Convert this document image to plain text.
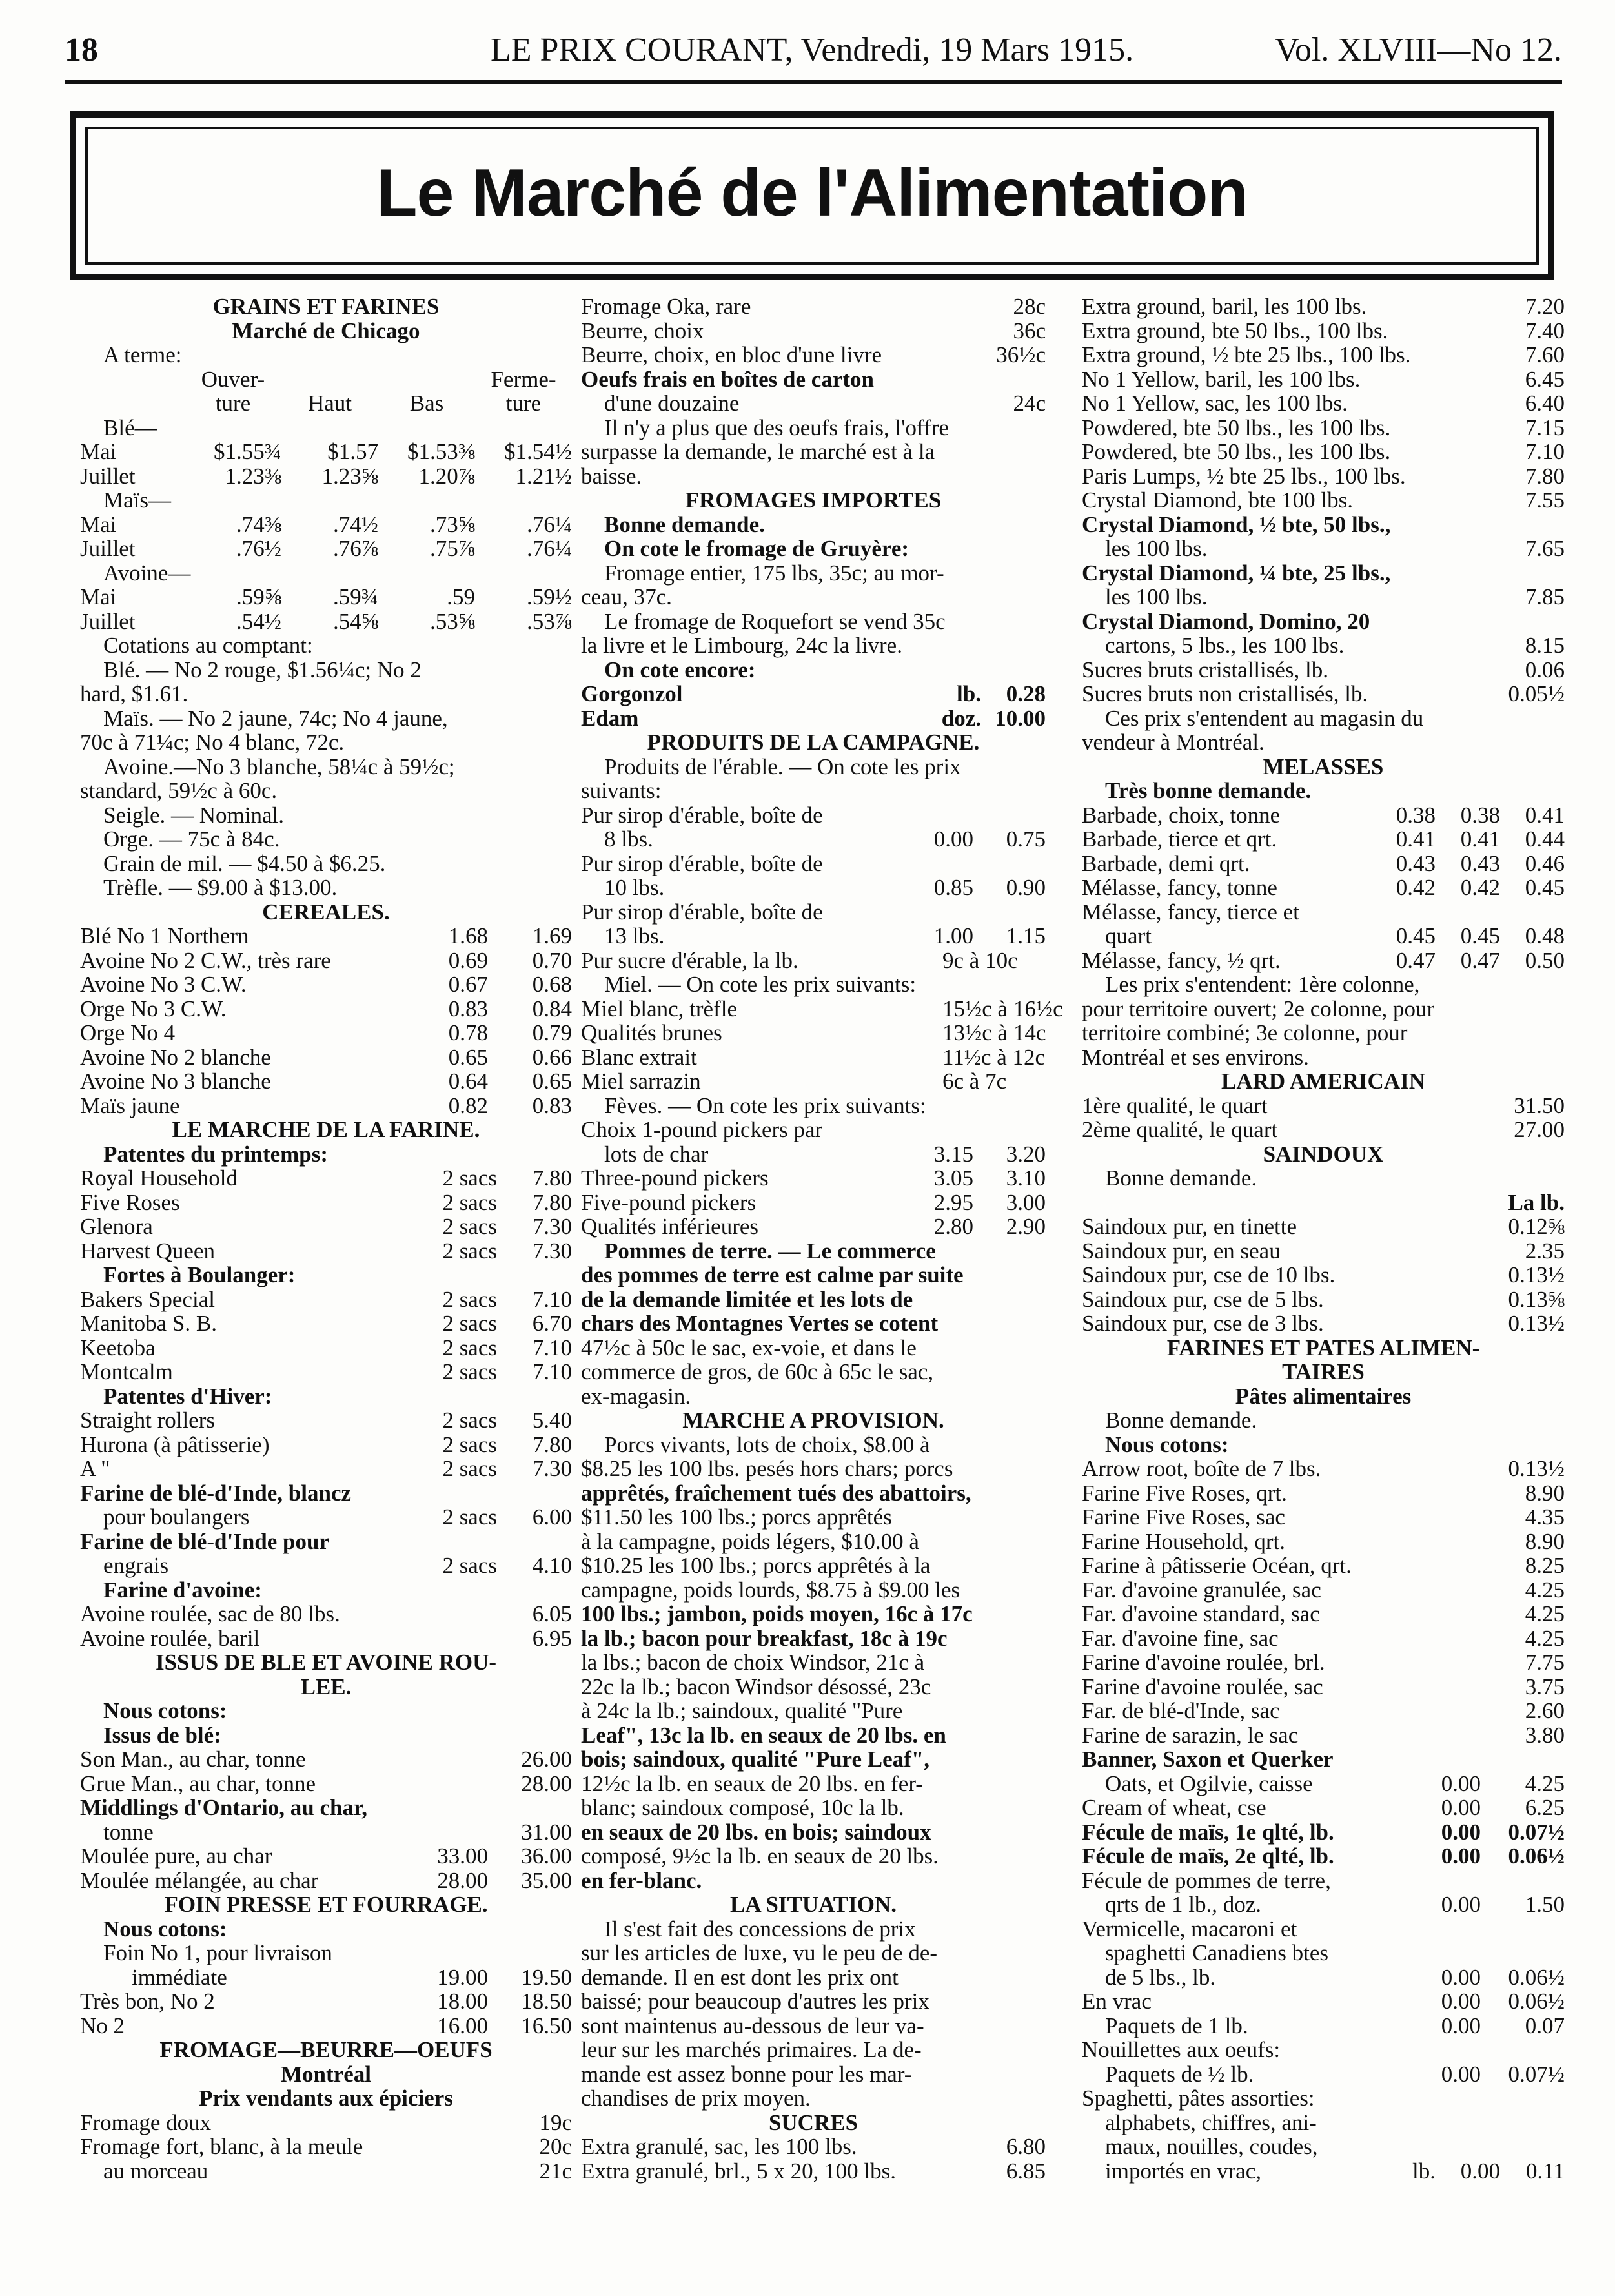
18	LE PRIX COURANT, Vendredi, 19 Mars 1915.	Vol. XLVIII—No 12.
Le Marché de l'Alimentation
GRAINS ET FARINES
Marché de Chicago
A terme:
Ouver-	Ferme-
ture	Haut	Bas	ture
Blé—
Mai	$1.55¾	$1.57	$1.53⅜	$1.54½
Juillet	1.23⅜	1.23⅝	1.20⅞	1.21½
Maïs—
Mai	.74⅜	.74½	.73⅝	.76¼
Juillet	.76½	.76⅞	.75⅞	.76¼
Avoine—
Mai	.59⅝	.59¾	.59	.59½
Juillet	.54½	.54⅝	.53⅝	.53⅞
Cotations au comptant:
Blé. — No 2 rouge, $1.56¼c; No 2
hard, $1.61.
Maïs. — No 2 jaune, 74c; No 4 jaune,
70c à 71¼c; No 4 blanc, 72c.
Avoine.—No 3 blanche, 58¼c à 59½c;
standard, 59½c à 60c.
Seigle. — Nominal.
Orge. — 75c à 84c.
Grain de mil. — $4.50 à $6.25.
Trèfle. — $9.00 à $13.00.
CEREALES.
Blé No 1 Northern	1.68	1.69
Avoine No 2 C.W., très rare	0.69	0.70
Avoine No 3 C.W.	0.67	0.68
Orge No 3 C.W.	0.83	0.84
Orge No 4	0.78	0.79
Avoine No 2 blanche	0.65	0.66
Avoine No 3 blanche	0.64	0.65
Maïs jaune	0.82	0.83
LE MARCHE DE LA FARINE.
Patentes du printemps:
Royal Household	2 sacs	7.80
Five Roses	2 sacs	7.80
Glenora	2 sacs	7.30
Harvest Queen	2 sacs	7.30
Fortes à Boulanger:
Bakers Special	2 sacs	7.10
Manitoba S. B.	2 sacs	6.70
Keetoba	2 sacs	7.10
Montcalm	2 sacs	7.10
Patentes d'Hiver:
Straight rollers	2 sacs	5.40
Hurona (à pâtisserie)	2 sacs	7.80
A "	2 sacs	7.30
Farine de blé-d'Inde, blancz
pour boulangers	2 sacs	6.00
Farine de blé-d'Inde pour
engrais	2 sacs	4.10
Farine d'avoine:
Avoine roulée, sac de 80 lbs.	6.05
Avoine roulée, baril	6.95
ISSUS DE BLE ET AVOINE ROU-
LEE.
Nous cotons:
Issus de blé:
Son Man., au char, tonne	26.00
Grue Man., au char, tonne	28.00
Middlings d'Ontario, au char,
tonne	31.00
Moulée pure, au char	33.00	36.00
Moulée mélangée, au char	28.00	35.00
FOIN PRESSE ET FOURRAGE.
Nous cotons:
Foin No 1, pour livraison
immédiate	19.00	19.50
Très bon, No 2	18.00	18.50
No 2	16.00	16.50
FROMAGE—BEURRE—OEUFS
Montréal
Prix vendants aux épiciers
Fromage doux	19c
Fromage fort, blanc, à la meule	20c
au morceau	21c
Fromage Oka, rare	28c
Beurre, choix	36c
Beurre, choix, en bloc d'une livre	36½c
Oeufs frais en boîtes de carton
d'une douzaine	24c
Il n'y a plus que des oeufs frais, l'offre
surpasse la demande, le marché est à la
baisse.
FROMAGES IMPORTES
Bonne demande.
On cote le fromage de Gruyère:
Fromage entier, 175 lbs, 35c; au mor-
ceau, 37c.
Le fromage de Roquefort se vend 35c
la livre et le Limbourg, 24c la livre.
On cote encore:
Gorgonzol	lb.	0.28
Edam	doz. 10.00
PRODUITS DE LA CAMPAGNE.
Produits de l'érable. — On cote les prix
suivants:
Pur sirop d'érable, boîte de
8 lbs.	0.00	0.75
Pur sirop d'érable, boîte de
10 lbs.	0.85	0.90
Pur sirop d'érable, boîte de
13 lbs.	1.00	1.15
Pur sucre d'érable, la lb.	9c à 10c
Miel. — On cote les prix suivants:
Miel blanc, trèfle	15½c à 16½c
Qualités brunes	13½c à 14c
Blanc extrait	11½c à 12c
Miel sarrazin	6c à 7c
Fèves. — On cote les prix suivants:
Choix 1-pound pickers par
lots de char	3.15	3.20
Three-pound pickers	3.05	3.10
Five-pound pickers	2.95	3.00
Qualités inférieures	2.80	2.90
Pommes de terre. — Le commerce
des pommes de terre est calme par suite
de la demande limitée et les lots de
chars des Montagnes Vertes se cotent
47½c à 50c le sac, ex-voie, et dans le
commerce de gros, de 60c à 65c le sac,
ex-magasin.
MARCHE A PROVISION.
Porcs vivants, lots de choix, $8.00 à
$8.25 les 100 lbs. pesés hors chars; porcs
apprêtés, fraîchement tués des abattoirs,
$11.50 les 100 lbs.; porcs apprêtés
à la campagne, poids légers, $10.00 à
$10.25 les 100 lbs.; porcs apprêtés à la
campagne, poids lourds, $8.75 à $9.00 les
100 lbs.; jambon, poids moyen, 16c à 17c
la lb.; bacon pour breakfast, 18c à 19c
la lbs.; bacon de choix Windsor, 21c à
22c la lb.; bacon Windsor désossé, 23c
à 24c la lb.; saindoux, qualité "Pure
Leaf", 13c la lb. en seaux de 20 lbs. en
bois; saindoux, qualité "Pure Leaf",
12½c la lb. en seaux de 20 lbs. en fer-
blanc; saindoux composé, 10c la lb.
en seaux de 20 lbs. en bois; saindoux
composé, 9½c la lb. en seaux de 20 lbs.
en fer-blanc.
LA SITUATION.
Il s'est fait des concessions de prix
sur les articles de luxe, vu le peu de de-
demande. Il en est dont les prix ont
baissé; pour beaucoup d'autres les prix
sont maintenus au-dessous de leur va-
leur sur les marchés primaires. La de-
mande est assez bonne pour les mar-
chandises de prix moyen.
SUCRES
Extra granulé, sac, les 100 lbs.	6.80
Extra granulé, brl., 5 x 20, 100 lbs.	6.85
Extra ground, baril, les 100 lbs.	7.20
Extra ground, bte 50 lbs., 100 lbs.	7.40
Extra ground, ½ bte 25 lbs., 100 lbs.	7.60
No 1 Yellow, baril, les 100 lbs.	6.45
No 1 Yellow, sac, les 100 lbs.	6.40
Powdered, bte 50 lbs., les 100 lbs.	7.15
Powdered, bte 50 lbs., les 100 lbs.	7.10
Paris Lumps, ½ bte 25 lbs., 100 lbs.	7.80
Crystal Diamond, bte 100 lbs.	7.55
Crystal Diamond, ½ bte, 50 lbs.,
les 100 lbs.	7.65
Crystal Diamond, ¼ bte, 25 lbs.,
les 100 lbs.	7.85
Crystal Diamond, Domino, 20
cartons, 5 lbs., les 100 lbs.	8.15
Sucres bruts cristallisés, lb.	0.06
Sucres bruts non cristallisés, lb.	0.05½
Ces prix s'entendent au magasin du
vendeur à Montréal.
MELASSES
Très bonne demande.
Barbade, choix, tonne	0.38	0.38	0.41
Barbade, tierce et qrt.	0.41	0.41	0.44
Barbade, demi qrt.	0.43	0.43	0.46
Mélasse, fancy, tonne	0.42	0.42	0.45
Mélasse, fancy, tierce et
quart	0.45	0.45	0.48
Mélasse, fancy, ½ qrt.	0.47	0.47	0.50
Les prix s'entendent: 1ère colonne,
pour territoire ouvert; 2e colonne, pour
territoire combiné; 3e colonne, pour
Montréal et ses environs.
LARD AMERICAIN
1ère qualité, le quart	31.50
2ème qualité, le quart	27.00
SAINDOUX
Bonne demande.
La lb.
Saindoux pur, en tinette	0.12⅝
Saindoux pur, en seau	2.35
Saindoux pur, cse de 10 lbs.	0.13½
Saindoux pur, cse de 5 lbs.	0.13⅝
Saindoux pur, cse de 3 lbs.	0.13½
FARINES ET PATES ALIMEN-
TAIRES
Pâtes alimentaires
Bonne demande.
Nous cotons:
Arrow root, boîte de 7 lbs.	0.13½
Farine Five Roses, qrt.	8.90
Farine Five Roses, sac	4.35
Farine Household, qrt.	8.90
Farine à pâtisserie Océan, qrt.	8.25
Far. d'avoine granulée, sac	4.25
Far. d'avoine standard, sac	4.25
Far. d'avoine fine, sac	4.25
Farine d'avoine roulée, brl.	7.75
Farine d'avoine roulée, sac	3.75
Far. de blé-d'Inde, sac	2.60
Farine de sarazin, le sac	3.80
Banner, Saxon et Querker
Oats, et Ogilvie, caisse	0.00	4.25
Cream of wheat, cse	0.00	6.25
Fécule de maïs, 1e qlté, lb.	0.00	0.07½
Fécule de maïs, 2e qlté, lb.	0.00	0.06½
Fécule de pommes de terre,
qrts de 1 lb., doz.	0.00	1.50
Vermicelle, macaroni et
spaghetti Canadiens btes
de 5 lbs., lb.	0.00	0.06½
En vrac	0.00	0.06½
Paquets de 1 lb.	0.00	0.07
Nouillettes aux oeufs:
Paquets de ½ lb.	0.00	0.07½
Spaghetti, pâtes assorties:
alphabets, chiffres, ani-
maux, nouilles, coudes,
importés en vrac,	lb.	0.00	0.11
